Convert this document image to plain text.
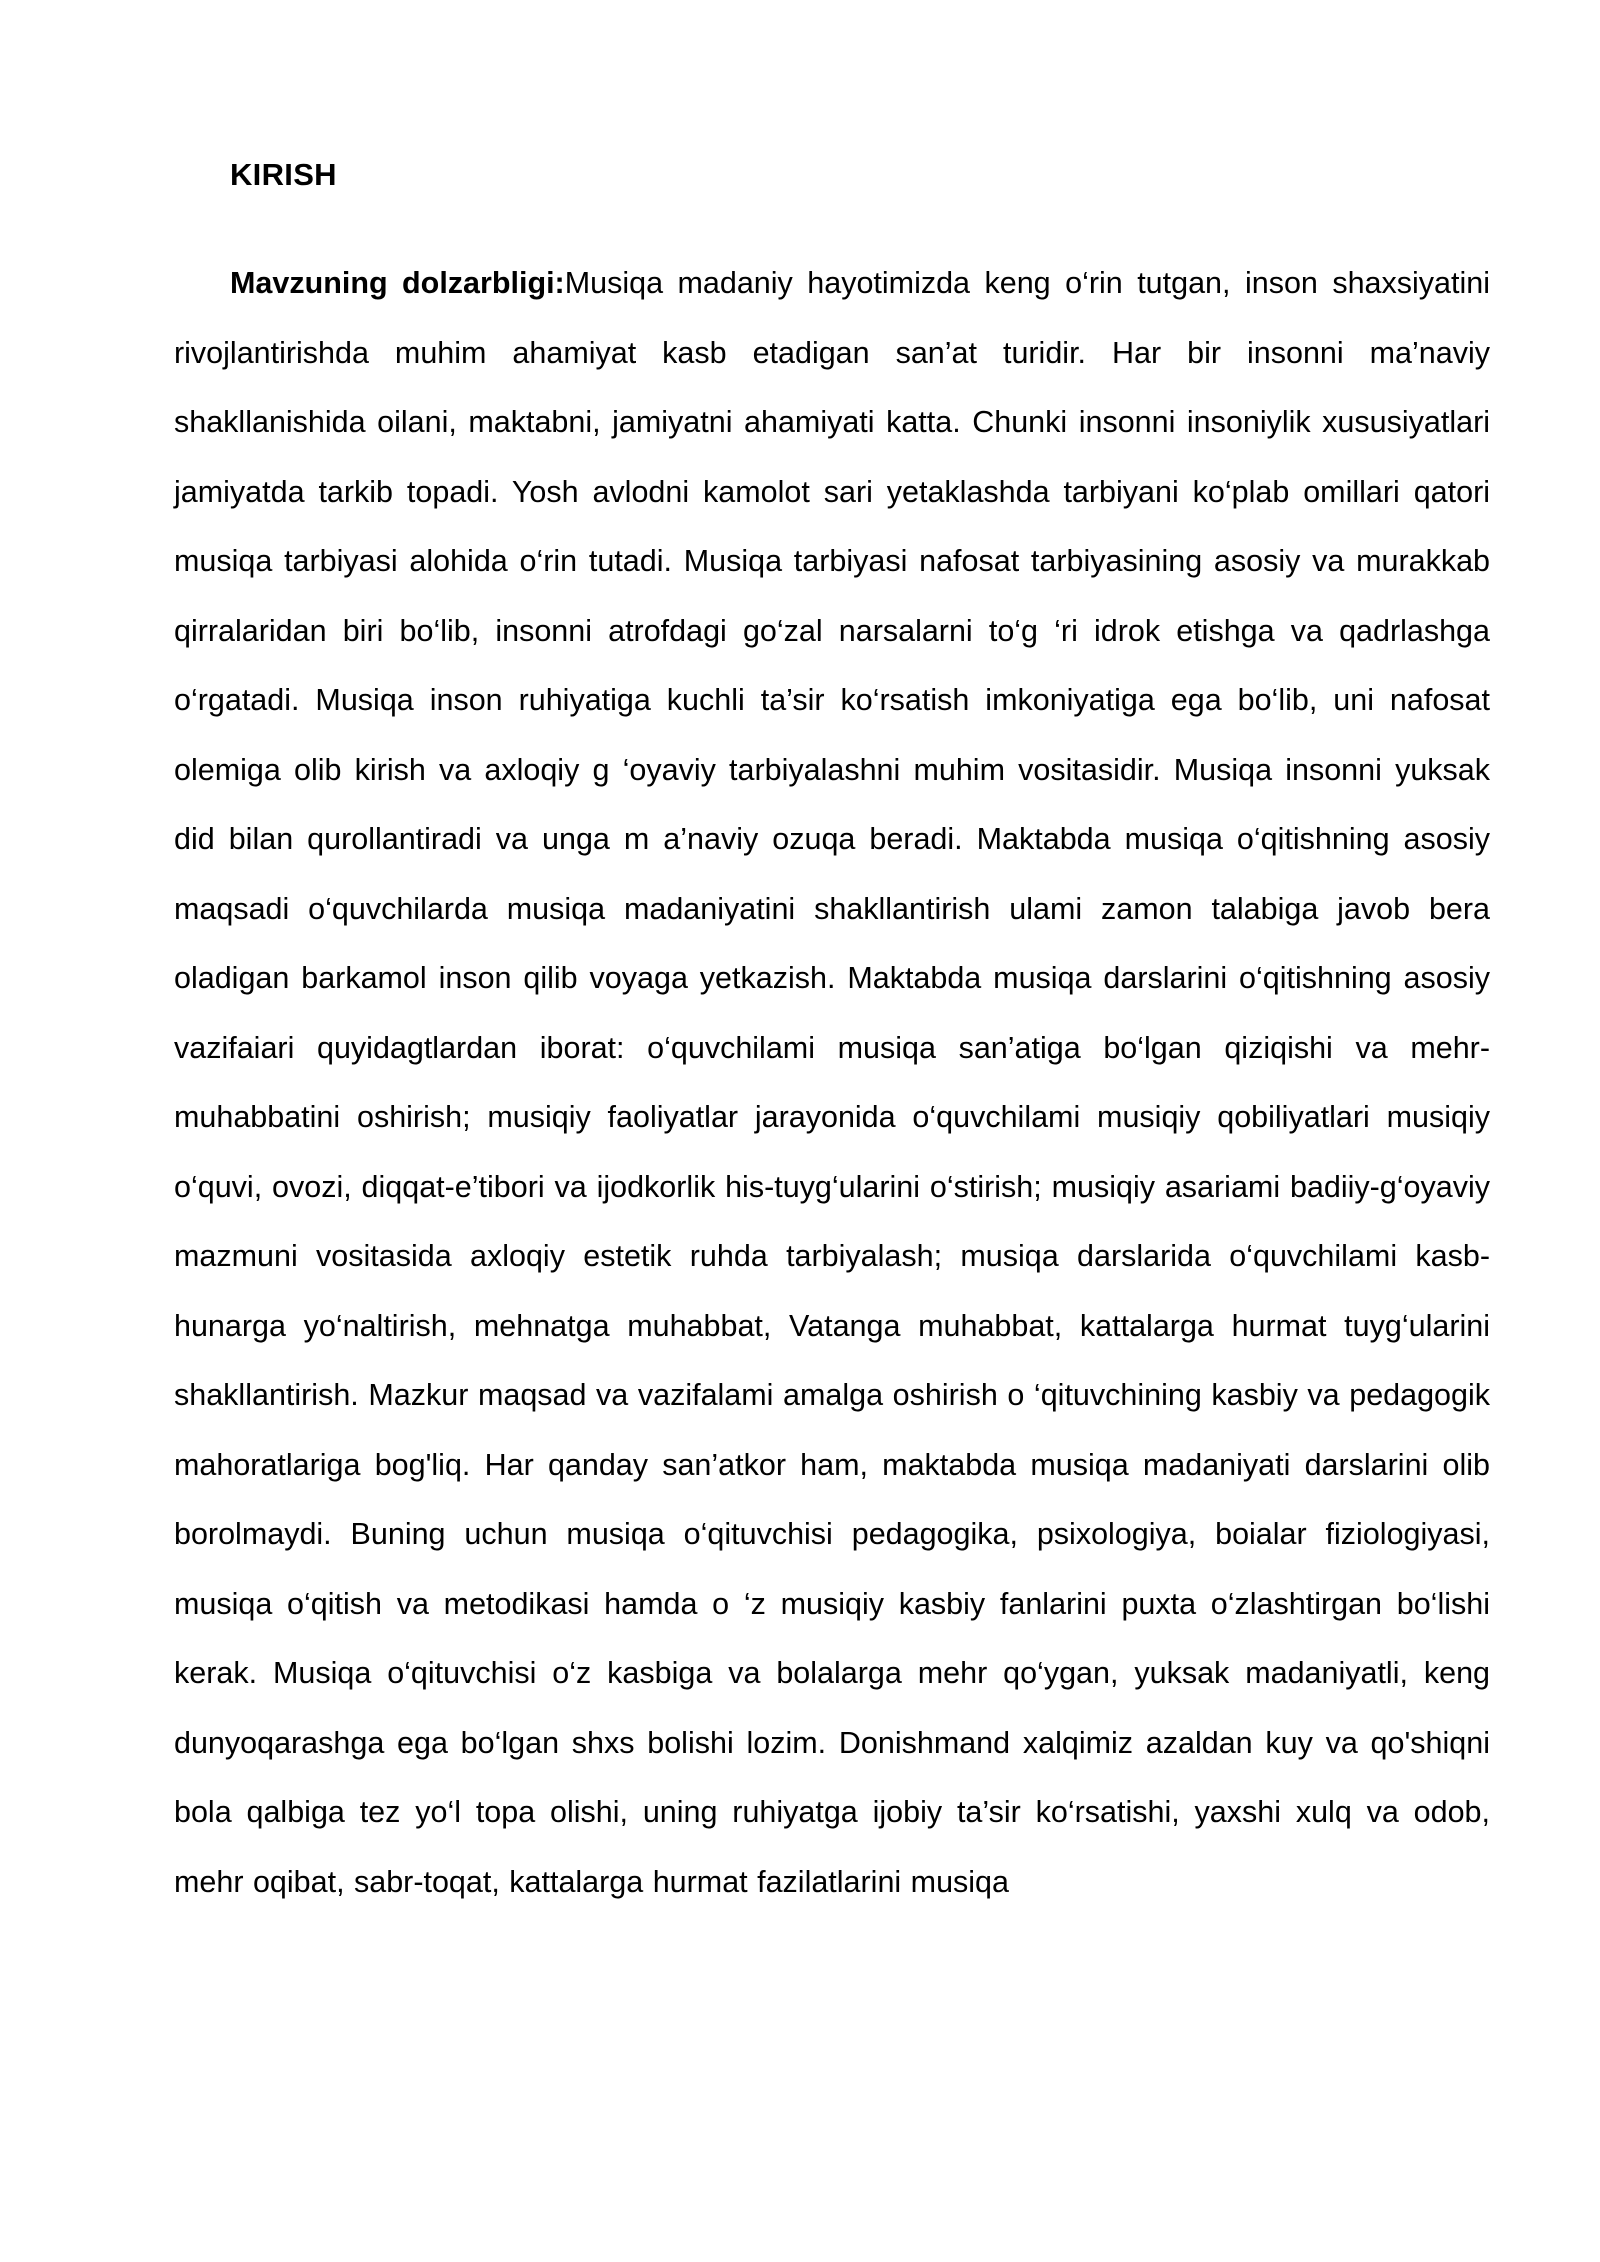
KIRISH

Mavzuning dolzarbligi:Musiqa madaniy hayotimizda keng o‘rin tutgan, inson shaxsiyatini rivojlantirishda muhim ahamiyat kasb etadigan san’at turidir. Har bir insonni ma’naviy shakllanishida oilani, maktabni, jamiyatni ahamiyati katta. Chunki insonni insoniylik xususiyatlari jamiyatda tarkib topadi. Yosh avlodni kamolot sari yetaklashda tarbiyani ko‘plab omillari qatori musiqa tarbiyasi alohida o‘rin tutadi. Musiqa tarbiyasi nafosat tarbiyasining asosiy va murakkab qirralaridan biri bo‘lib, insonni atrofdagi go‘zal narsalarni to‘g ‘ri idrok etishga va qadrlashga o‘rgatadi. Musiqa inson ruhiyatiga kuchli ta’sir ko‘rsatish imkoniyatiga ega bo‘lib, uni nafosat olemiga olib kirish va axloqiy g ‘oyaviy tarbiyalashni muhim vositasidir. Musiqa insonni yuksak did bilan qurollantiradi va unga m a’naviy ozuqa beradi. Maktabda musiqa o‘qitishning asosiy maqsadi o‘quvchilarda musiqa madaniyatini shakllantirish ulami zamon talabiga javob bera oladigan barkamol inson qilib voyaga yetkazish. Maktabda musiqa darslarini o‘qitishning asosiy vazifaiari quyidagtlardan iborat: o‘quvchilami musiqa san’atiga bo‘lgan qiziqishi va mehr-muhabbatini oshirish; musiqiy faoliyatlar jarayonida o‘quvchilami musiqiy qobiliyatlari musiqiy o‘quvi, ovozi, diqqat-e’tibori va ijodkorlik his-tuyg‘ularini o‘stirish; musiqiy asariami badiiy-g‘oyaviy mazmuni vositasida axloqiy estetik ruhda tarbiyalash; musiqa darslarida o‘quvchilami kasb-hunarga yo‘naltirish, mehnatga muhabbat, Vatanga muhabbat, kattalarga hurmat tuyg‘ularini shakllantirish. Mazkur maqsad va vazifalami amalga oshirish o ‘qituvchining kasbiy va pedagogik mahoratlariga bog'liq. Har qanday san’atkor ham, maktabda musiqa madaniyati darslarini olib borolmaydi. Buning uchun musiqa o‘qituvchisi pedagogika, psixologiya, boialar fiziologiyasi, musiqa o‘qitish va metodikasi hamda o ‘z musiqiy kasbiy fanlarini puxta o‘zlashtirgan bo‘lishi kerak. Musiqa o‘qituvchisi o‘z kasbiga va bolalarga mehr qo‘ygan, yuksak madaniyatli, keng dunyoqarashga ega bo‘lgan shxs bolishi lozim. Donishmand xalqimiz azaldan kuy va qo'shiqni bola qalbiga tez yo‘l topa olishi, uning ruhiyatga ijobiy ta’sir ko‘rsatishi, yaxshi xulq va odob, mehr oqibat, sabr-toqat, kattalarga hurmat fazilatlarini musiqa
